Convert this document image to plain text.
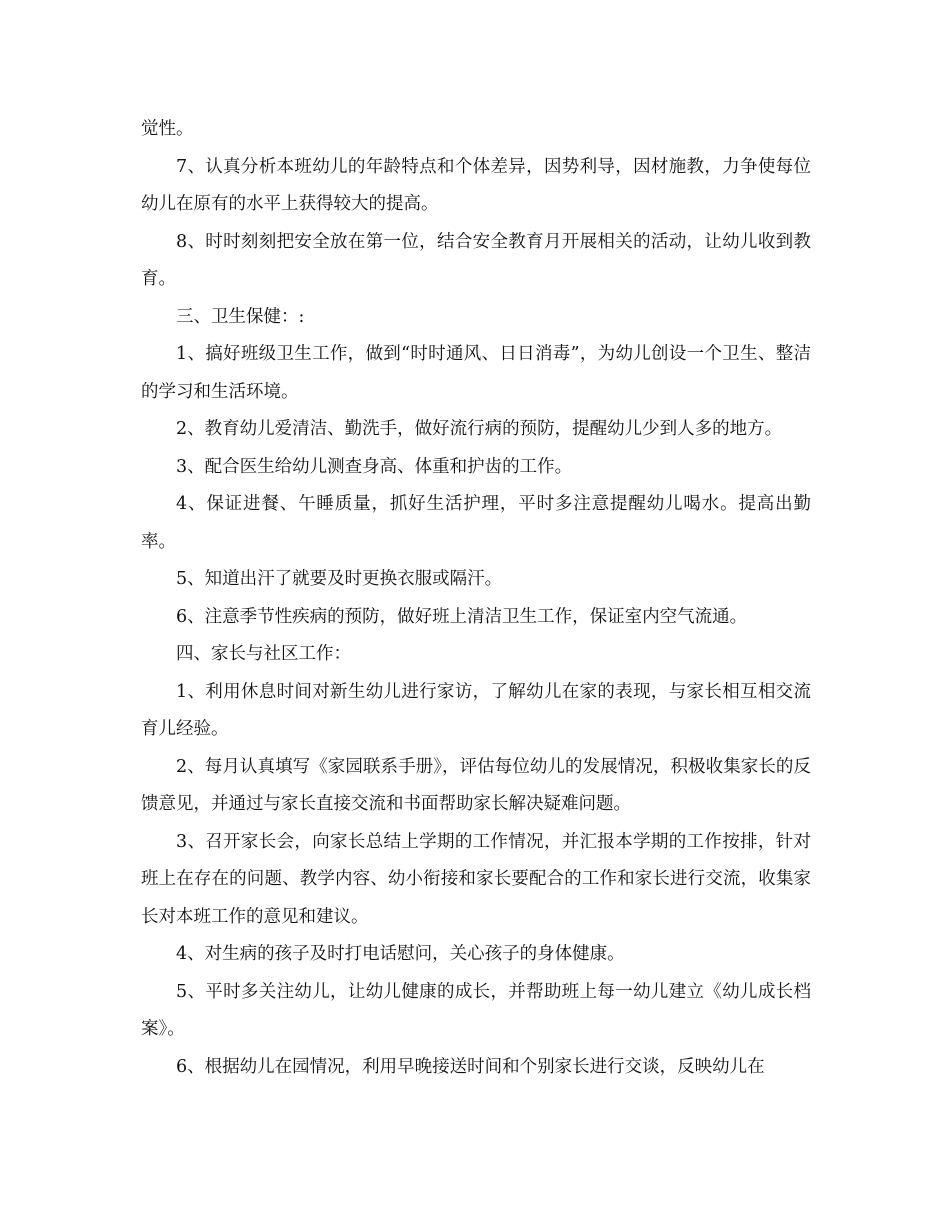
觉性。

7、认真分析本班幼儿的年龄特点和个体差异，因势利导，因材施教，力争使每位幼儿在原有的水平上获得较大的提高。

8、时时刻刻把安全放在第一位，结合安全教育月开展相关的活动，让幼儿收到教育。

三、卫生保健：:

1、搞好班级卫生工作，做到“时时通风、日日消毒”，为幼儿创设一个卫生、整洁的学习和生活环境。

2、教育幼儿爱清洁、勤洗手，做好流行病的预防，提醒幼儿少到人多的地方。

3、配合医生给幼儿测查身高、体重和护齿的工作。

4、保证进餐、午睡质量，抓好生活护理，平时多注意提醒幼儿喝水。提高出勤率。

5、知道出汗了就要及时更换衣服或隔汗。

6、注意季节性疾病的预防，做好班上清洁卫生工作，保证室内空气流通。

四、家长与社区工作：

1、利用休息时间对新生幼儿进行家访，了解幼儿在家的表现，与家长相互相交流育儿经验。

2、每月认真填写《家园联系手册》，评估每位幼儿的发展情况，积极收集家长的反馈意见，并通过与家长直接交流和书面帮助家长解决疑难问题。

3、召开家长会，向家长总结上学期的工作情况，并汇报本学期的工作按排，针对班上在存在的问题、教学内容、幼小衔接和家长要配合的工作和家长进行交流，收集家长对本班工作的意见和建议。

4、对生病的孩子及时打电话慰问，关心孩子的身体健康。

5、平时多关注幼儿，让幼儿健康的成长，并帮助班上每一幼儿建立《幼儿成长档案》。

6、根据幼儿在园情况，利用早晚接送时间和个别家长进行交谈，反映幼儿在
